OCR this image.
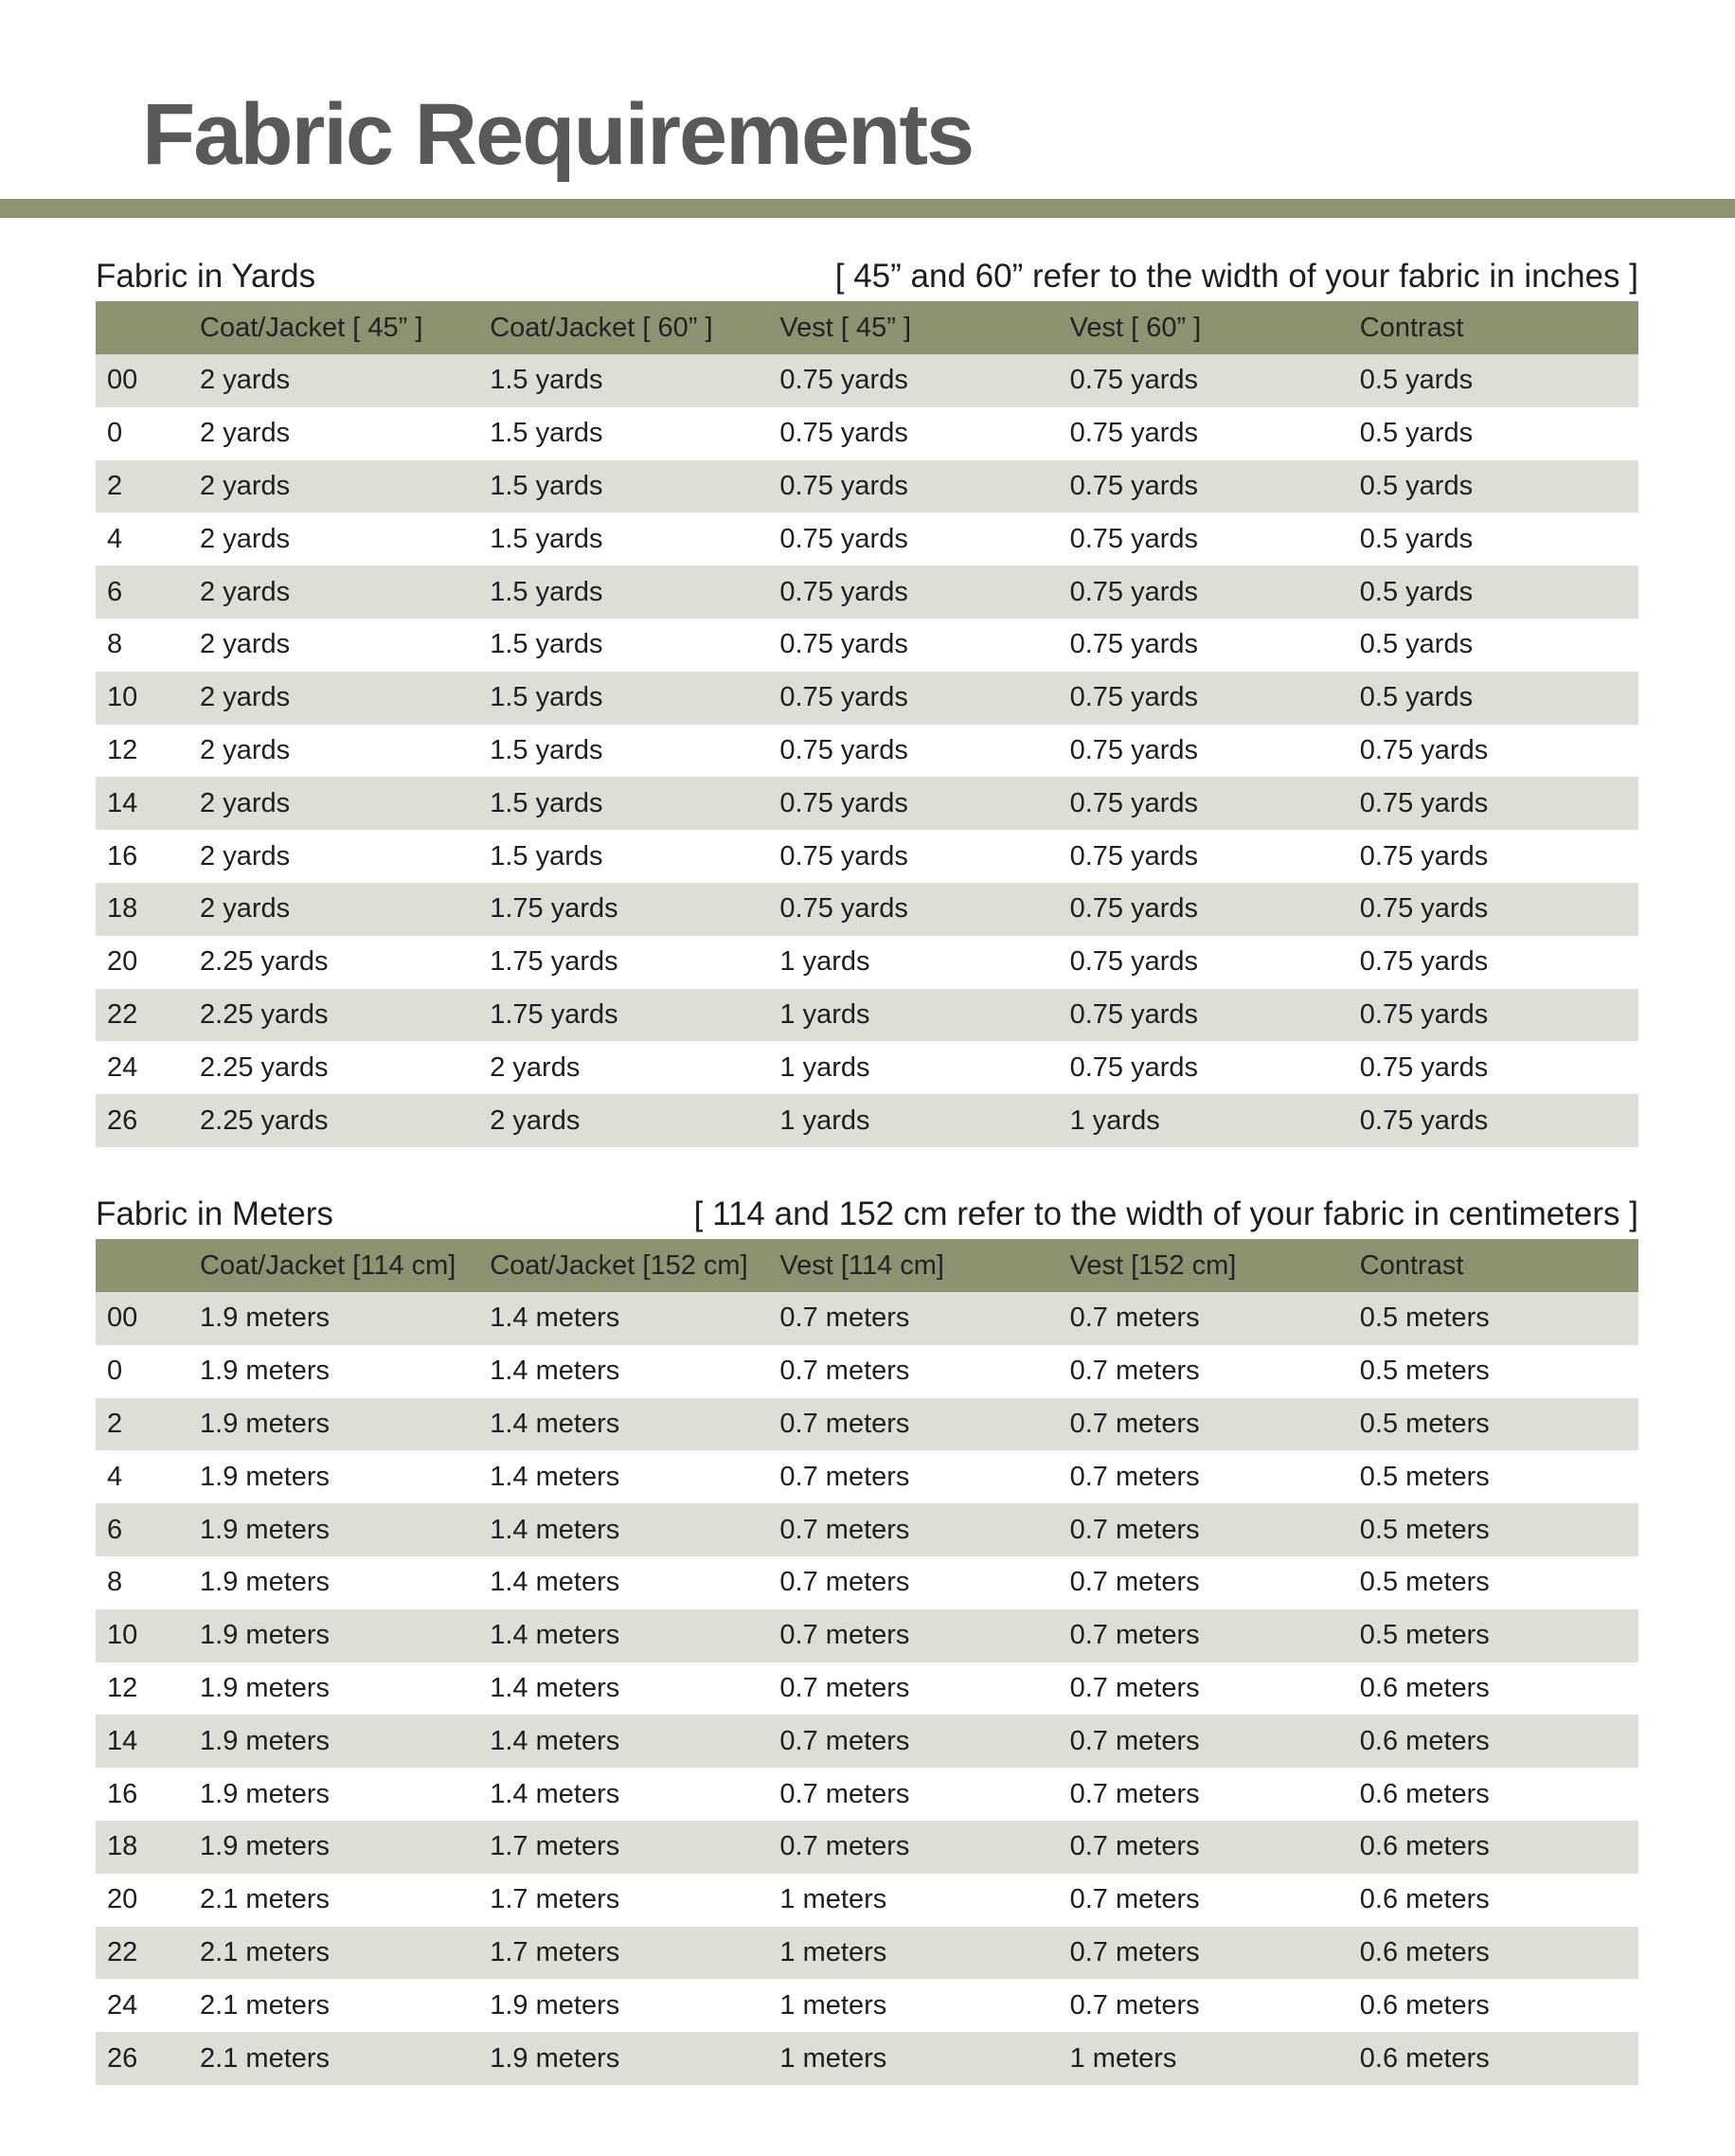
Fabric Requirements
Fabric in Yards	[ 45” and 60” refer to the width of your fabric in inches ]
	Coat/Jacket [ 45” ]	Coat/Jacket [ 60” ]	Vest [ 45” ]	Vest [ 60” ]	Contrast
00	2 yards	1.5 yards	0.75 yards	0.75 yards	0.5 yards
0	2 yards	1.5 yards	0.75 yards	0.75 yards	0.5 yards
2	2 yards	1.5 yards	0.75 yards	0.75 yards	0.5 yards
4	2 yards	1.5 yards	0.75 yards	0.75 yards	0.5 yards
6	2 yards	1.5 yards	0.75 yards	0.75 yards	0.5 yards
8	2 yards	1.5 yards	0.75 yards	0.75 yards	0.5 yards
10	2 yards	1.5 yards	0.75 yards	0.75 yards	0.5 yards
12	2 yards	1.5 yards	0.75 yards	0.75 yards	0.75 yards
14	2 yards	1.5 yards	0.75 yards	0.75 yards	0.75 yards
16	2 yards	1.5 yards	0.75 yards	0.75 yards	0.75 yards
18	2 yards	1.75 yards	0.75 yards	0.75 yards	0.75 yards
20	2.25 yards	1.75 yards	1 yards	0.75 yards	0.75 yards
22	2.25 yards	1.75 yards	1 yards	0.75 yards	0.75 yards
24	2.25 yards	2 yards	1 yards	0.75 yards	0.75 yards
26	2.25 yards	2 yards	1 yards	1 yards	0.75 yards
Fabric in Meters	[ 114 and 152 cm refer to the width of your fabric in centimeters ]
	Coat/Jacket [114 cm]	Coat/Jacket [152 cm]	Vest [114 cm]	Vest [152 cm]	Contrast
00	1.9 meters	1.4 meters	0.7 meters	0.7 meters	0.5 meters
0	1.9 meters	1.4 meters	0.7 meters	0.7 meters	0.5 meters
2	1.9 meters	1.4 meters	0.7 meters	0.7 meters	0.5 meters
4	1.9 meters	1.4 meters	0.7 meters	0.7 meters	0.5 meters
6	1.9 meters	1.4 meters	0.7 meters	0.7 meters	0.5 meters
8	1.9 meters	1.4 meters	0.7 meters	0.7 meters	0.5 meters
10	1.9 meters	1.4 meters	0.7 meters	0.7 meters	0.5 meters
12	1.9 meters	1.4 meters	0.7 meters	0.7 meters	0.6 meters
14	1.9 meters	1.4 meters	0.7 meters	0.7 meters	0.6 meters
16	1.9 meters	1.4 meters	0.7 meters	0.7 meters	0.6 meters
18	1.9 meters	1.7 meters	0.7 meters	0.7 meters	0.6 meters
20	2.1 meters	1.7 meters	1 meters	0.7 meters	0.6 meters
22	2.1 meters	1.7 meters	1 meters	0.7 meters	0.6 meters
24	2.1 meters	1.9 meters	1 meters	0.7 meters	0.6 meters
26	2.1 meters	1.9 meters	1 meters	1 meters	0.6 meters
